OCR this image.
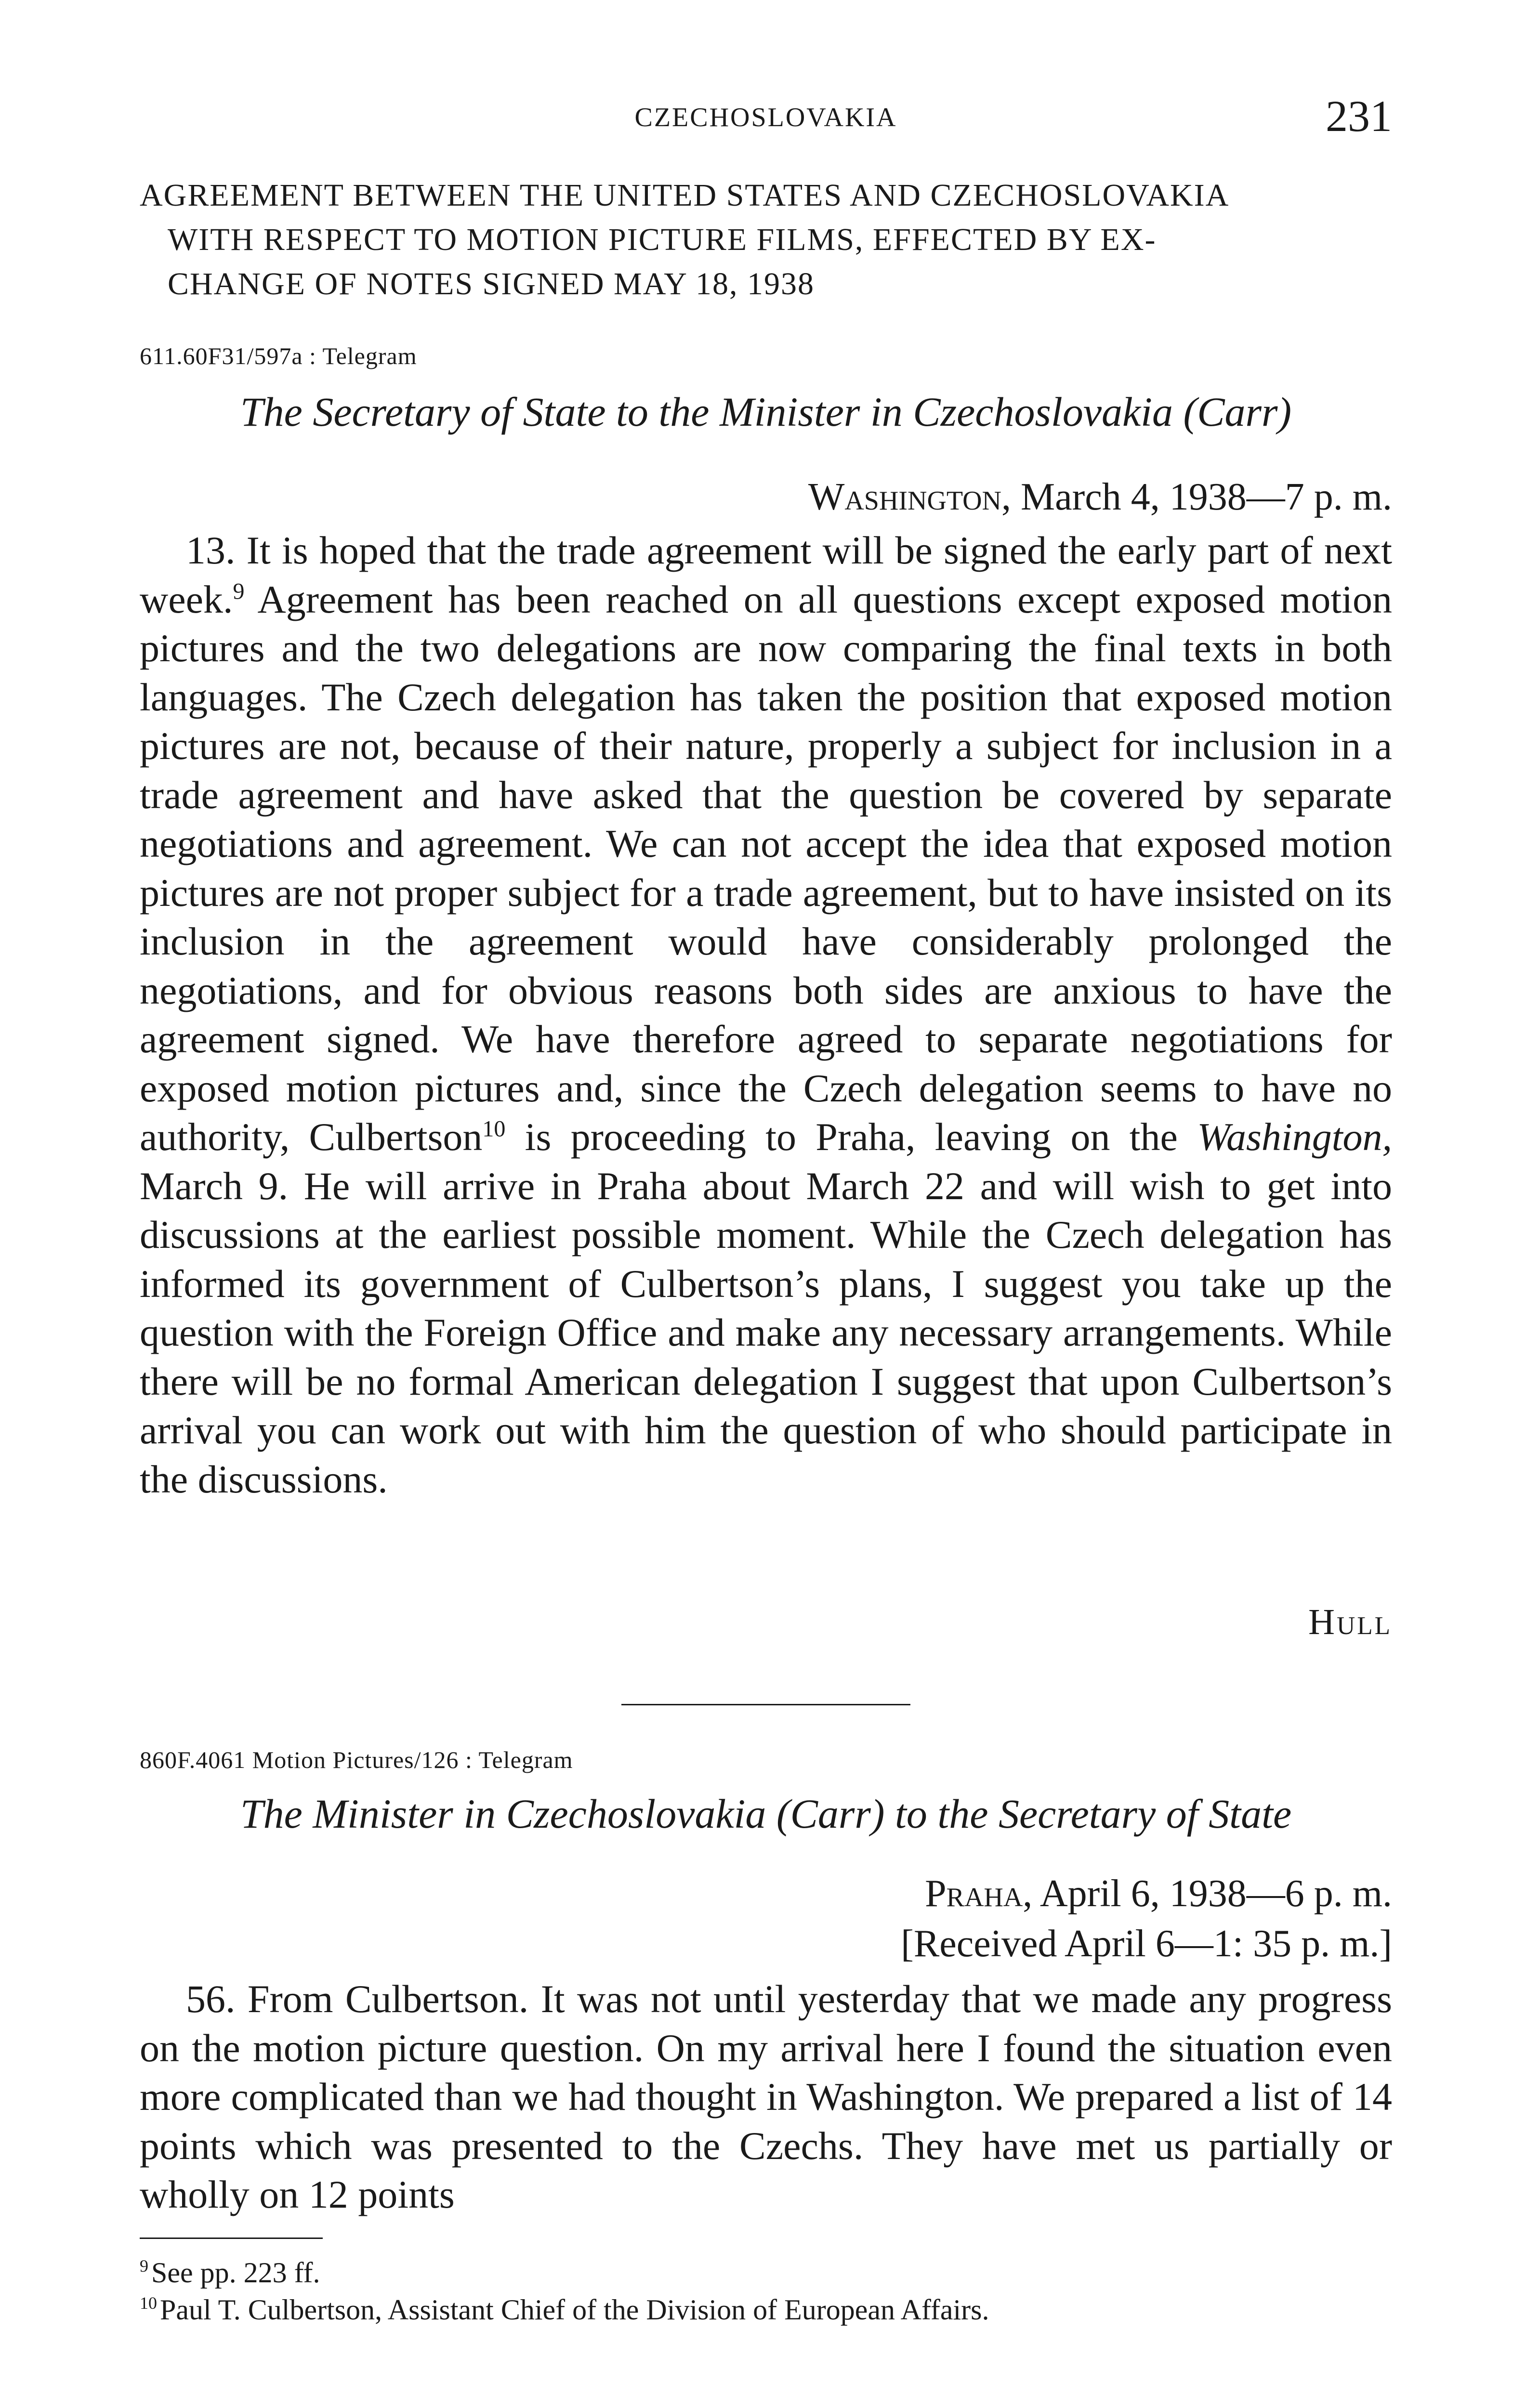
CZECHOSLOVAKIA	231
AGREEMENT BETWEEN THE UNITED STATES AND CZECHOSLOVAKIA
WITH RESPECT TO MOTION PICTURE FILMS, EFFECTED BY EX-
CHANGE OF NOTES SIGNED MAY 18, 1938
611.60F31/597a : Telegram
The Secretary of State to the Minister in Czechoslovakia (Carr)
Washington, March 4, 1938—7 p. m.

13. It is hoped that the trade agreement will be signed the early part of next week.$^9$ Agreement has been reached on all questions except exposed motion pictures and the two delegations are now comparing the final texts in both languages. The Czech delegation has taken the position that exposed motion pictures are not, because of their nature, properly a subject for inclusion in a trade agreement and have asked that the question be covered by separate negotiations and agreement. We can not accept the idea that exposed motion pictures are not proper subject for a trade agreement, but to have insisted on its inclusion in the agreement would have considerably prolonged the negotiations, and for obvious reasons both sides are anxious to have the agreement signed. We have therefore agreed to separate negotiations for exposed motion pictures and, since the Czech delegation seems to have no authority, Culbertson$^{10}$ is proceeding to Praha, leaving on the Washington, March 9. He will arrive in Praha about March 22 and will wish to get into discussions at the earliest possible moment. While the Czech delegation has informed its government of Culbertson’s plans, I suggest you take up the question with the Foreign Office and make any necessary arrangements. While there will be no formal American delegation I suggest that upon Culbertson’s arrival you can work out with him the question of who should participate in the discussions.

Hull
860F.4061 Motion Pictures/126 : Telegram
The Minister in Czechoslovakia (Carr) to the Secretary of State
Praha, April 6, 1938—6 p. m.
[Received April 6—1: 35 p. m.]

56. From Culbertson. It was not until yesterday that we made any progress on the motion picture question. On my arrival here I found the situation even more complicated than we had thought in Washington. We prepared a list of 14 points which was presented to the Czechs. They have met us partially or wholly on 12 points

$^9$ See pp. 223 ff.
$^{10}$ Paul T. Culbertson, Assistant Chief of the Division of European Affairs.
